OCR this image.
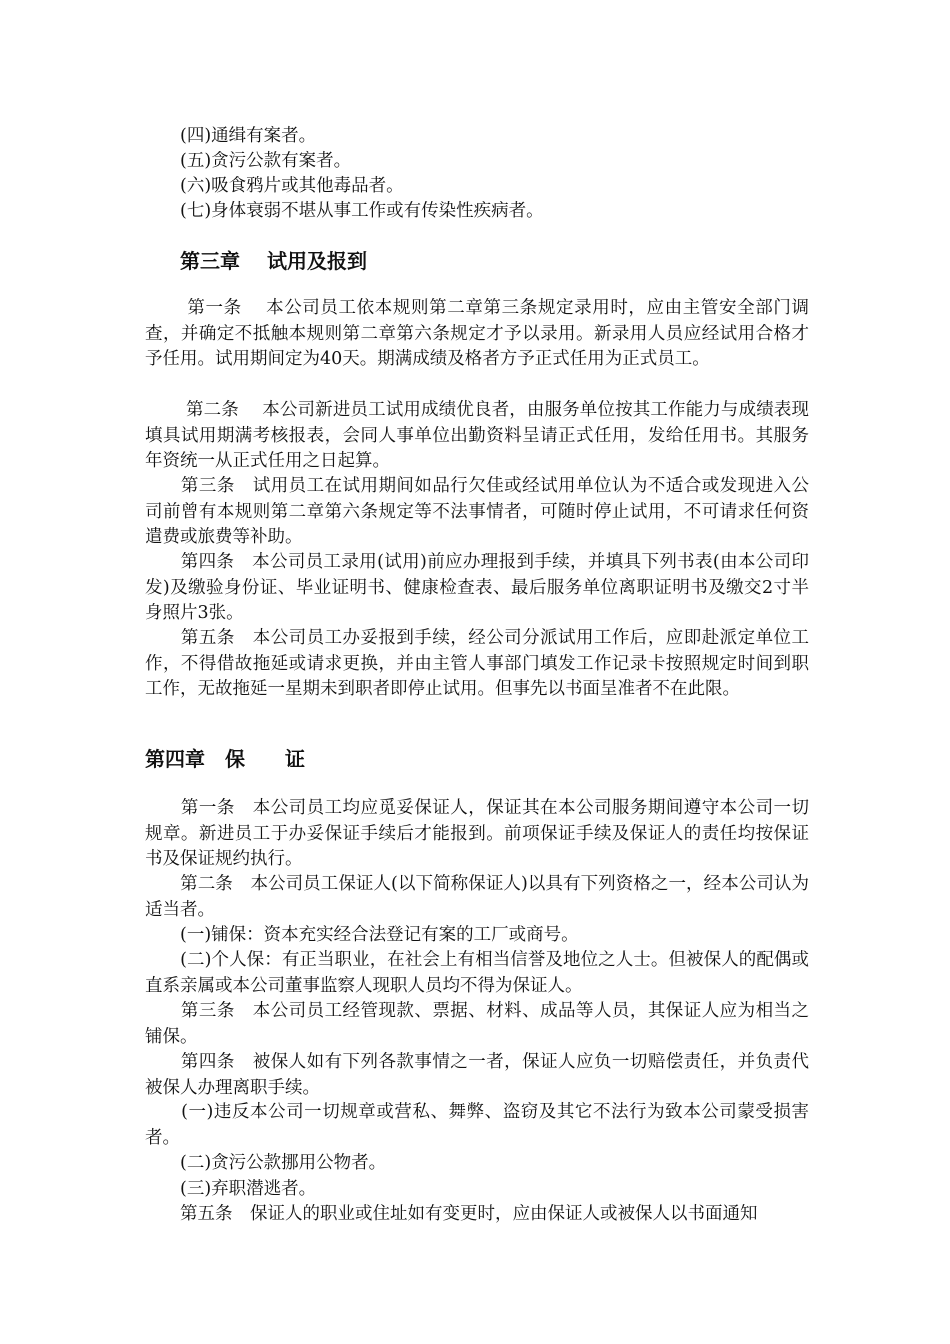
(四)通缉有案者。
(五)贪污公款有案者。
(六)吸食鸦片或其他毒品者。
(七)身体衰弱不堪从事工作或有传染性疾病者。
第三章　 试用及报到
　　 第一条　 本公司员工依本规则第二章第三条规定录用时，应由主管安全部门调查，并确定不抵触本规则第二章第六条规定才予以录用。新录用人员应经试用合格才予任用。试用期间定为40天。期满成绩及格者方予正式任用为正式员工。
　　 第二条　 本公司新进员工试用成绩优良者，由服务单位按其工作能力与成绩表现填具试用期满考核报表，会同人事单位出勤资料呈请正式任用，发给任用书。其服务年资统一从正式任用之日起算。
　　第三条　试用员工在试用期间如品行欠佳或经试用单位认为不适合或发现进入公司前曾有本规则第二章第六条规定等不法事情者，可随时停止试用，不可请求任何资遣费或旅费等补助。
　　第四条　本公司员工录用(试用)前应办理报到手续，并填具下列书表(由本公司印发)及缴验身份证、毕业证明书、健康检查表、最后服务单位离职证明书及缴交2寸半身照片3张。
　　第五条　本公司员工办妥报到手续，经公司分派试用工作后，应即赴派定单位工作，不得借故拖延或请求更换，并由主管人事部门填发工作记录卡按照规定时间到职工作，无故拖延一星期未到职者即停止试用。但事先以书面呈准者不在此限。
第四章　保　　证
　　第一条　本公司员工均应觅妥保证人，保证其在本公司服务期间遵守本公司一切规章。新进员工于办妥保证手续后才能报到。前项保证手续及保证人的责任均按保证书及保证规约执行。
　　第二条　本公司员工保证人(以下简称保证人)以具有下列资格之一，经本公司认为适当者。
　　(一)铺保：资本充实经合法登记有案的工厂或商号。
　　(二)个人保：有正当职业，在社会上有相当信誉及地位之人士。但被保人的配偶或直系亲属或本公司董事监察人现职人员均不得为保证人。
　　第三条　本公司员工经管现款、票据、材料、成品等人员，其保证人应为相当之铺保。
　　第四条　被保人如有下列各款事情之一者，保证人应负一切赔偿责任，并负责代被保人办理离职手续。
　　(一)违反本公司一切规章或营私、舞弊、盗窃及其它不法行为致本公司蒙受损害者。
　　(二)贪污公款挪用公物者。
　　(三)弃职潜逃者。
　　第五条　保证人的职业或住址如有变更时，应由保证人或被保人以书面通知
